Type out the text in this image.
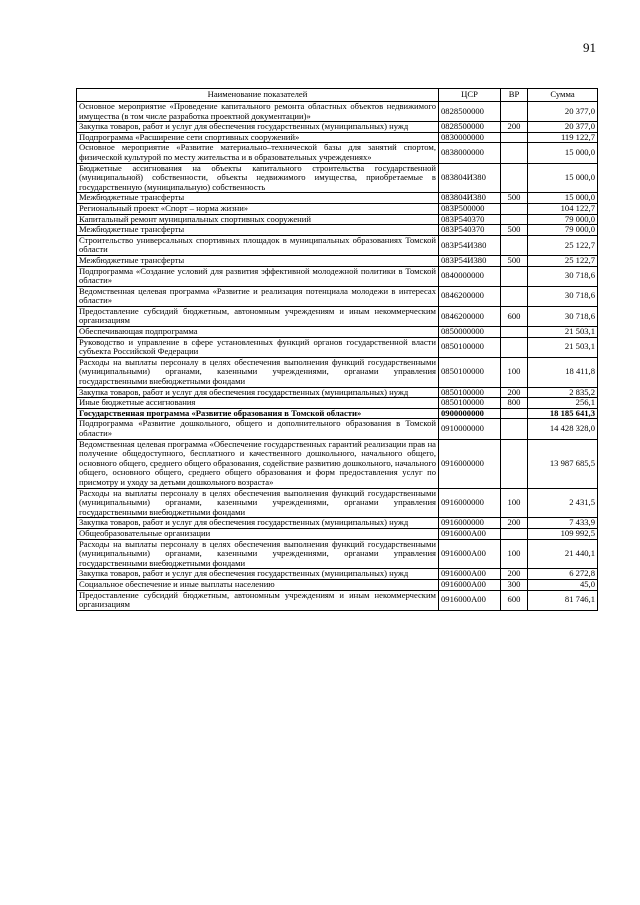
91
Наименование показателей	ЦСР	ВР	Сумма
Основное мероприятие «Проведение капитального ремонта областных объектов недвижимого имущества (в том числе разработка проектной документации)»	0828500000		20 377,0
Закупка товаров, работ и услуг для обеспечения государственных (муниципальных) нужд	0828500000	200	20 377,0
Подпрограмма «Расширение сети спортивных сооружений»	0830000000		119 122,7
Основное мероприятие «Развитие материально–технической базы для занятий спортом, физической культурой по месту жительства и в образовательных учреждениях»	0838000000		15 000,0
Бюджетные ассигнования на объекты капитального строительства государственной (муниципальной) собственности, объекты недвижимого имущества, приобретаемые в государственную (муниципальную) собственность	083804И380		15 000,0
Межбюджетные трансферты	083804И380	500	15 000,0
Региональный проект «Спорт – норма жизни»	083P500000		104 122,7
Капитальный ремонт муниципальных спортивных сооружений	083P540370		79 000,0
Межбюджетные трансферты	083P540370	500	79 000,0
Строительство универсальных спортивных площадок в муниципальных образованиях Томской области	083P54И380		25 122,7
Межбюджетные трансферты	083P54И380	500	25 122,7
Подпрограмма «Создание условий для развития эффективной молодежной политики в Томской области»	0840000000		30 718,6
Ведомственная целевая программа «Развитие и реализация потенциала молодежи в интересах области»	0846200000		30 718,6
Предоставление субсидий бюджетным, автономным учреждениям и иным некоммерческим организациям	0846200000	600	30 718,6
Обеспечивающая подпрограмма	0850000000		21 503,1
Руководство и управление в сфере установленных функций органов государственной власти субъекта Российской Федерации	0850100000		21 503,1
Расходы на выплаты персоналу в целях обеспечения выполнения функций государственными (муниципальными) органами, казенными учреждениями, органами управления государственными внебюджетными фондами	0850100000	100	18 411,8
Закупка товаров, работ и услуг для обеспечения государственных (муниципальных) нужд	0850100000	200	2 835,2
Иные бюджетные ассигнования	0850100000	800	256,1
Государственная программа «Развитие образования в Томской области»	0900000000		18 185 641,3
Подпрограмма «Развитие дошкольного, общего и дополнительного образования в Томской области»	0910000000		14 428 328,0
Ведомственная целевая программа «Обеспечение государственных гарантий реализации прав на получение общедоступного, бесплатного и качественного дошкольного, начального общего, основного общего, среднего общего образования, содействие развитию дошкольного, начального общего, основного общего, среднего общего образования и форм предоставления услуг по присмотру и уходу за детьми дошкольного возраста»	0916000000		13 987 685,5
Расходы на выплаты персоналу в целях обеспечения выполнения функций государственными (муниципальными) органами, казенными учреждениями, органами управления государственными внебюджетными фондами	0916000000	100	2 431,5
Закупка товаров, работ и услуг для обеспечения государственных (муниципальных) нужд	0916000000	200	7 433,9
Общеобразовательные организации	0916000A00		109 992,5
Расходы на выплаты персоналу в целях обеспечения выполнения функций государственными (муниципальными) органами, казенными учреждениями, органами управления государственными внебюджетными фондами	0916000A00	100	21 440,1
Закупка товаров, работ и услуг для обеспечения государственных (муниципальных) нужд	0916000A00	200	6 272,8
Социальное обеспечение и иные выплаты населению	0916000A00	300	45,0
Предоставление субсидий бюджетным, автономным учреждениям и иным некоммерческим организациям	0916000A00	600	81 746,1
